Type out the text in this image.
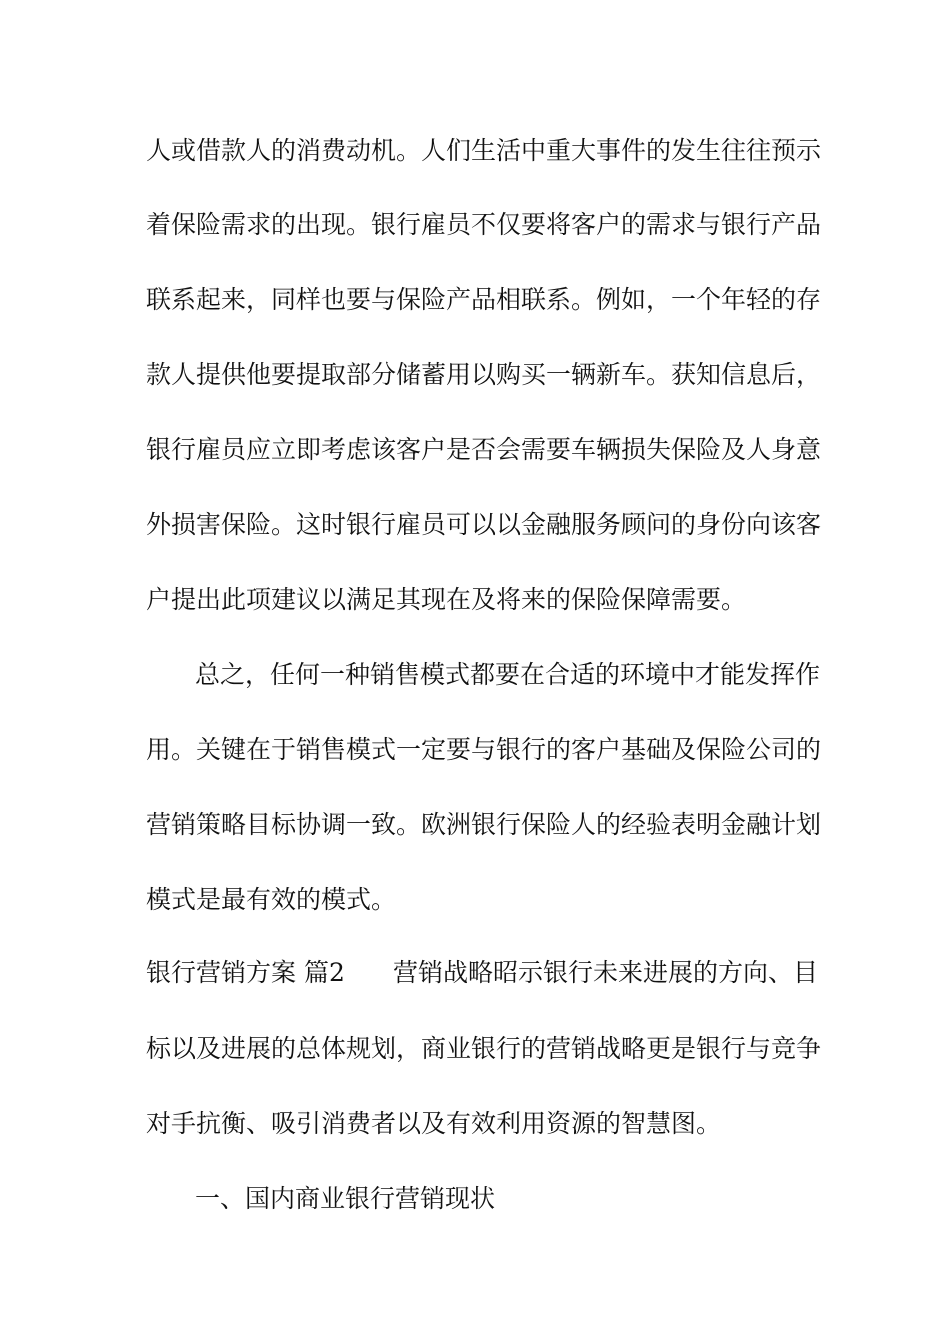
人或借款人的消费动机。人们生活中重大事件的发生往往预示
着保险需求的出现。银行雇员不仅要将客户的需求与银行产品
联系起来，同样也要与保险产品相联系。例如，一个年轻的存
款人提供他要提取部分储蓄用以购买一辆新车。获知信息后，
银行雇员应立即考虑该客户是否会需要车辆损失保险及人身意
外损害保险。这时银行雇员可以以金融服务顾问的身份向该客
户提出此项建议以满足其现在及将来的保险保障需要。
总之，任何一种销售模式都要在合适的环境中才能发挥作
用。关键在于销售模式一定要与银行的客户基础及保险公司的
营销策略目标协调一致。欧洲银行保险人的经验表明金融计划
模式是最有效的模式。
银行营销方案 篇2 营销战略昭示银行未来进展的方向、目
标以及进展的总体规划，商业银行的营销战略更是银行与竞争
对手抗衡、吸引消费者以及有效利用资源的智慧图。
一、国内商业银行营销现状
